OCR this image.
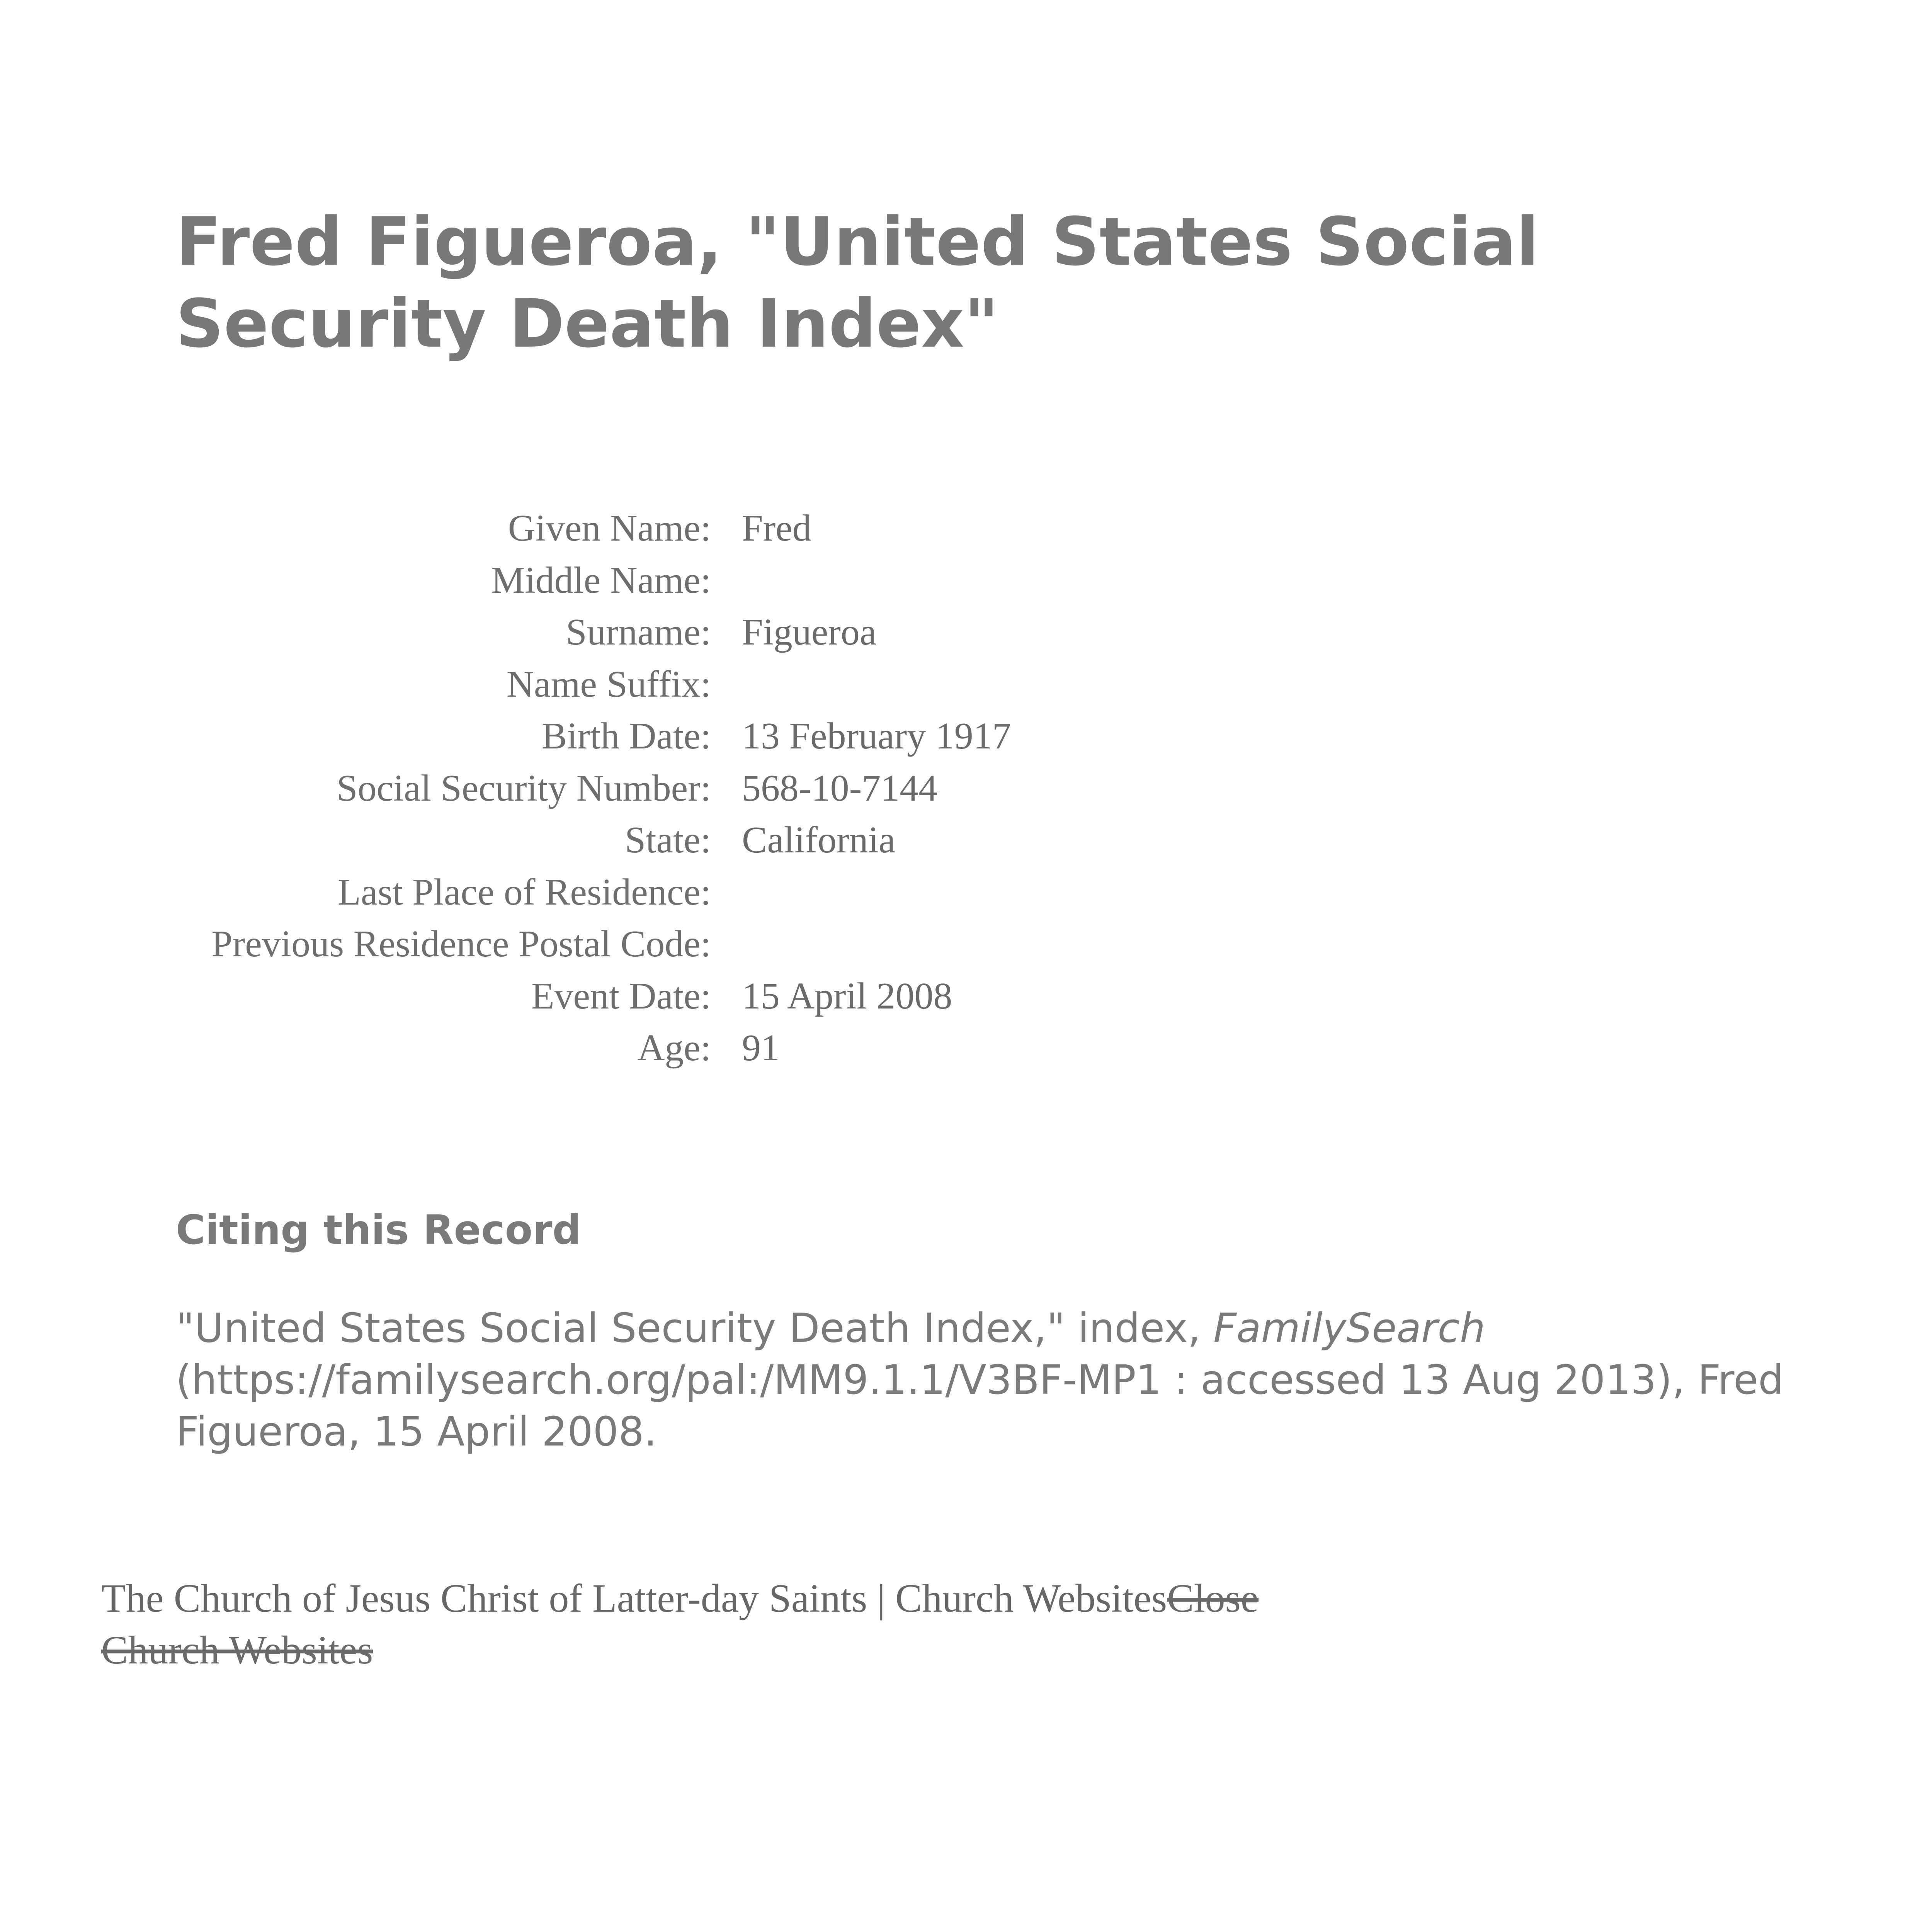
Fred Figueroa, "United States Social Security Death Index"
Given Name:	Fred
Middle Name:	
Surname:	Figueroa
Name Suffix:	
Birth Date:	13 February 1917
Social Security Number:	568-10-7144
State:	California
Last Place of Residence:	
Previous Residence Postal Code:	
Event Date:	15 April 2008
Age:	91
Citing this Record

"United States Social Security Death Index," index, FamilySearch (https://familysearch.org/pal:/MM9.1.1/V3BF-MP1 : accessed 13 Aug 2013), Fred Figueroa, 15 April 2008.

The Church of Jesus Christ of Latter-day Saints | Church WebsitesClose Church Websites
